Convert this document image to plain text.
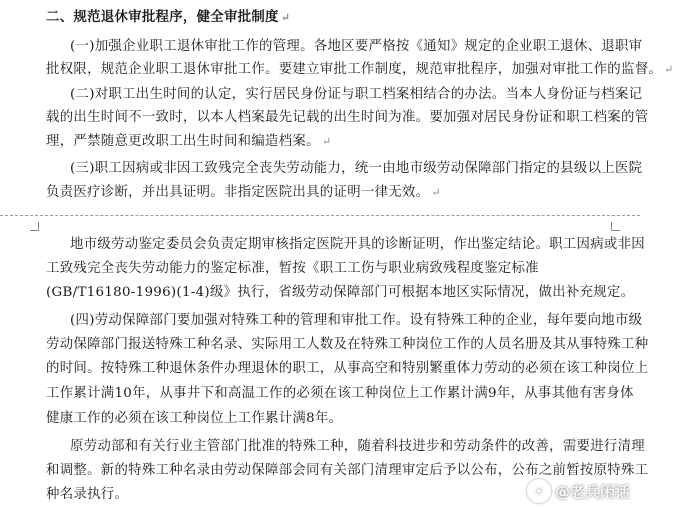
二、规范退休审批程序，健全审批制度 ↵
(一)加强企业职工退休审批工作的管理。各地区要严格按《通知》规定的企业职工退休、退职审
批权限，规范企业职工退休审批工作。要建立审批工作制度，规范审批程序，加强对审批工作的监督。 ↵
(二)对职工出生时间的认定，实行居民身份证与职工档案相结合的办法。当本人身份证与档案记
载的出生时间不一致时，以本人档案最先记载的出生时间为准。要加强对居民身份证和职工档案的管
理，严禁随意更改职工出生时间和编造档案。 ↵
(三)职工因病或非因工致残完全丧失劳动能力，统一由地市级劳动保障部门指定的县级以上医院
负责医疗诊断，并出具证明。非指定医院出具的证明一律无效。 ↵
地市级劳动鉴定委员会负责定期审核指定医院开具的诊断证明，作出鉴定结论。职工因病或非因
工致残完全丧失劳动能力的鉴定标准，暂按《职工工伤与职业病致残程度鉴定标准
(GB/T16180-1996)(1-4)级》执行，省级劳动保障部门可根据本地区实际情况，做出补充规定。
(四)劳动保障部门要加强对特殊工种的管理和审批工作。设有特殊工种的企业，每年要向地市级
劳动保障部门报送特殊工种名录、实际用工人数及在特殊工种岗位工作的人员名册及其从事特殊工种
的时间。按特殊工种退休条件办理退休的职工，从事高空和特别繁重体力劳动的必须在该工种岗位上
工作累计满10年，从事井下和高温工作的必须在该工种岗位上工作累计满9年，从事其他有害身体
健康工作的必须在该工种岗位上工作累计满8年。
原劳动部和有关行业主管部门批准的特殊工种，随着科技进步和劳动条件的改善，需要进行清理
和调整。新的特殊工种名录由劳动保障部会同有关部门清理审定后予以公布，公布之前暂按原特殊工
种名录执行。	✦ @老兵闲话
